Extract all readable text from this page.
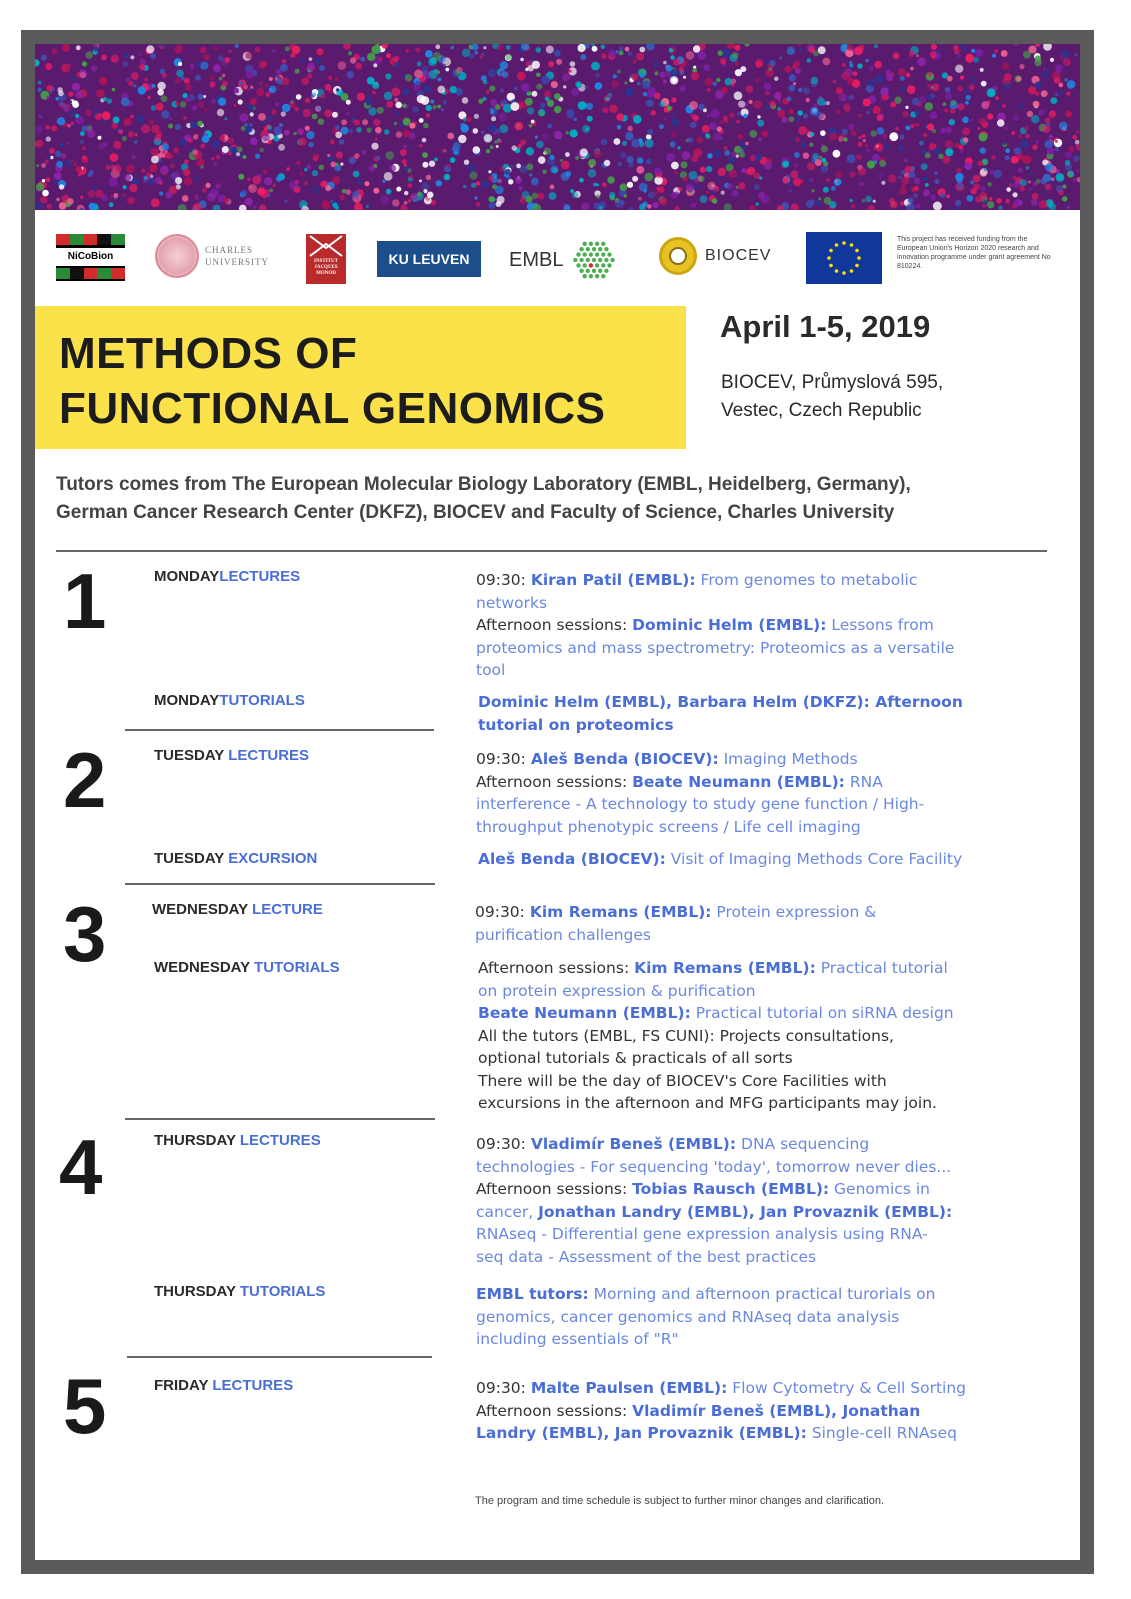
NiCoBion
CHARLES
UNIVERSITY	INSTITUT JACQUES MONOD
KU LEUVEN	EMBL	BIOCEV
This project has received funding from the European Union's Horizon 2020 research and innovation programme under grant agreement No 810224.
METHODS OF
FUNCTIONAL GENOMICS
April 1-5, 2019
BIOCEV, Průmyslová 595,
Vestec, Czech Republic
Tutors comes from The European Molecular Biology Laboratory (EMBL, Heidelberg, Germany),
German Cancer Research Center (DKFZ), BIOCEV and Faculty of Science, Charles University
1	MONDAYLECTURES	09:30: Kiran Patil (EMBL): From genomes to metabolic
networks
Afternoon sessions: Dominic Helm (EMBL): Lessons from
proteomics and mass spectrometry: Proteomics as a versatile
tool
MONDAYTUTORIALS	Dominic Helm (EMBL), Barbara Helm (DKFZ): Afternoon
tutorial on proteomics
2	TUESDAY LECTURES	09:30: Aleš Benda (BIOCEV): Imaging Methods
Afternoon sessions: Beate Neumann (EMBL): RNA
interference - A technology to study gene function / High-
throughput phenotypic screens / Life cell imaging
TUESDAY EXCURSION	Aleš Benda (BIOCEV): Visit of Imaging Methods Core Facility
3	WEDNESDAY LECTURE	09:30: Kim Remans (EMBL): Protein expression &
purification challenges
WEDNESDAY TUTORIALS	Afternoon sessions: Kim Remans (EMBL): Practical tutorial
on protein expression & purification
Beate Neumann (EMBL): Practical tutorial on siRNA design
All the tutors (EMBL, FS CUNI): Projects consultations,
optional tutorials & practicals of all sorts
There will be the day of BIOCEV's Core Facilities with
excursions in the afternoon and MFG participants may join.
4	THURSDAY LECTURES	09:30: Vladimír Beneš (EMBL): DNA sequencing
technologies - For sequencing 'today', tomorrow never dies...
Afternoon sessions: Tobias Rausch (EMBL): Genomics in
cancer, Jonathan Landry (EMBL), Jan Provaznik (EMBL):
RNAseq - Differential gene expression analysis using RNA-
seq data - Assessment of the best practices
THURSDAY TUTORIALS	EMBL tutors: Morning and afternoon practical turorials on
genomics, cancer genomics and RNAseq data analysis
including essentials of "R"
5	FRIDAY LECTURES	09:30: Malte Paulsen (EMBL): Flow Cytometry & Cell Sorting
Afternoon sessions: Vladimír Beneš (EMBL), Jonathan
Landry (EMBL), Jan Provaznik (EMBL): Single-cell RNAseq
The program and time schedule is subject to further minor changes and clarification.
